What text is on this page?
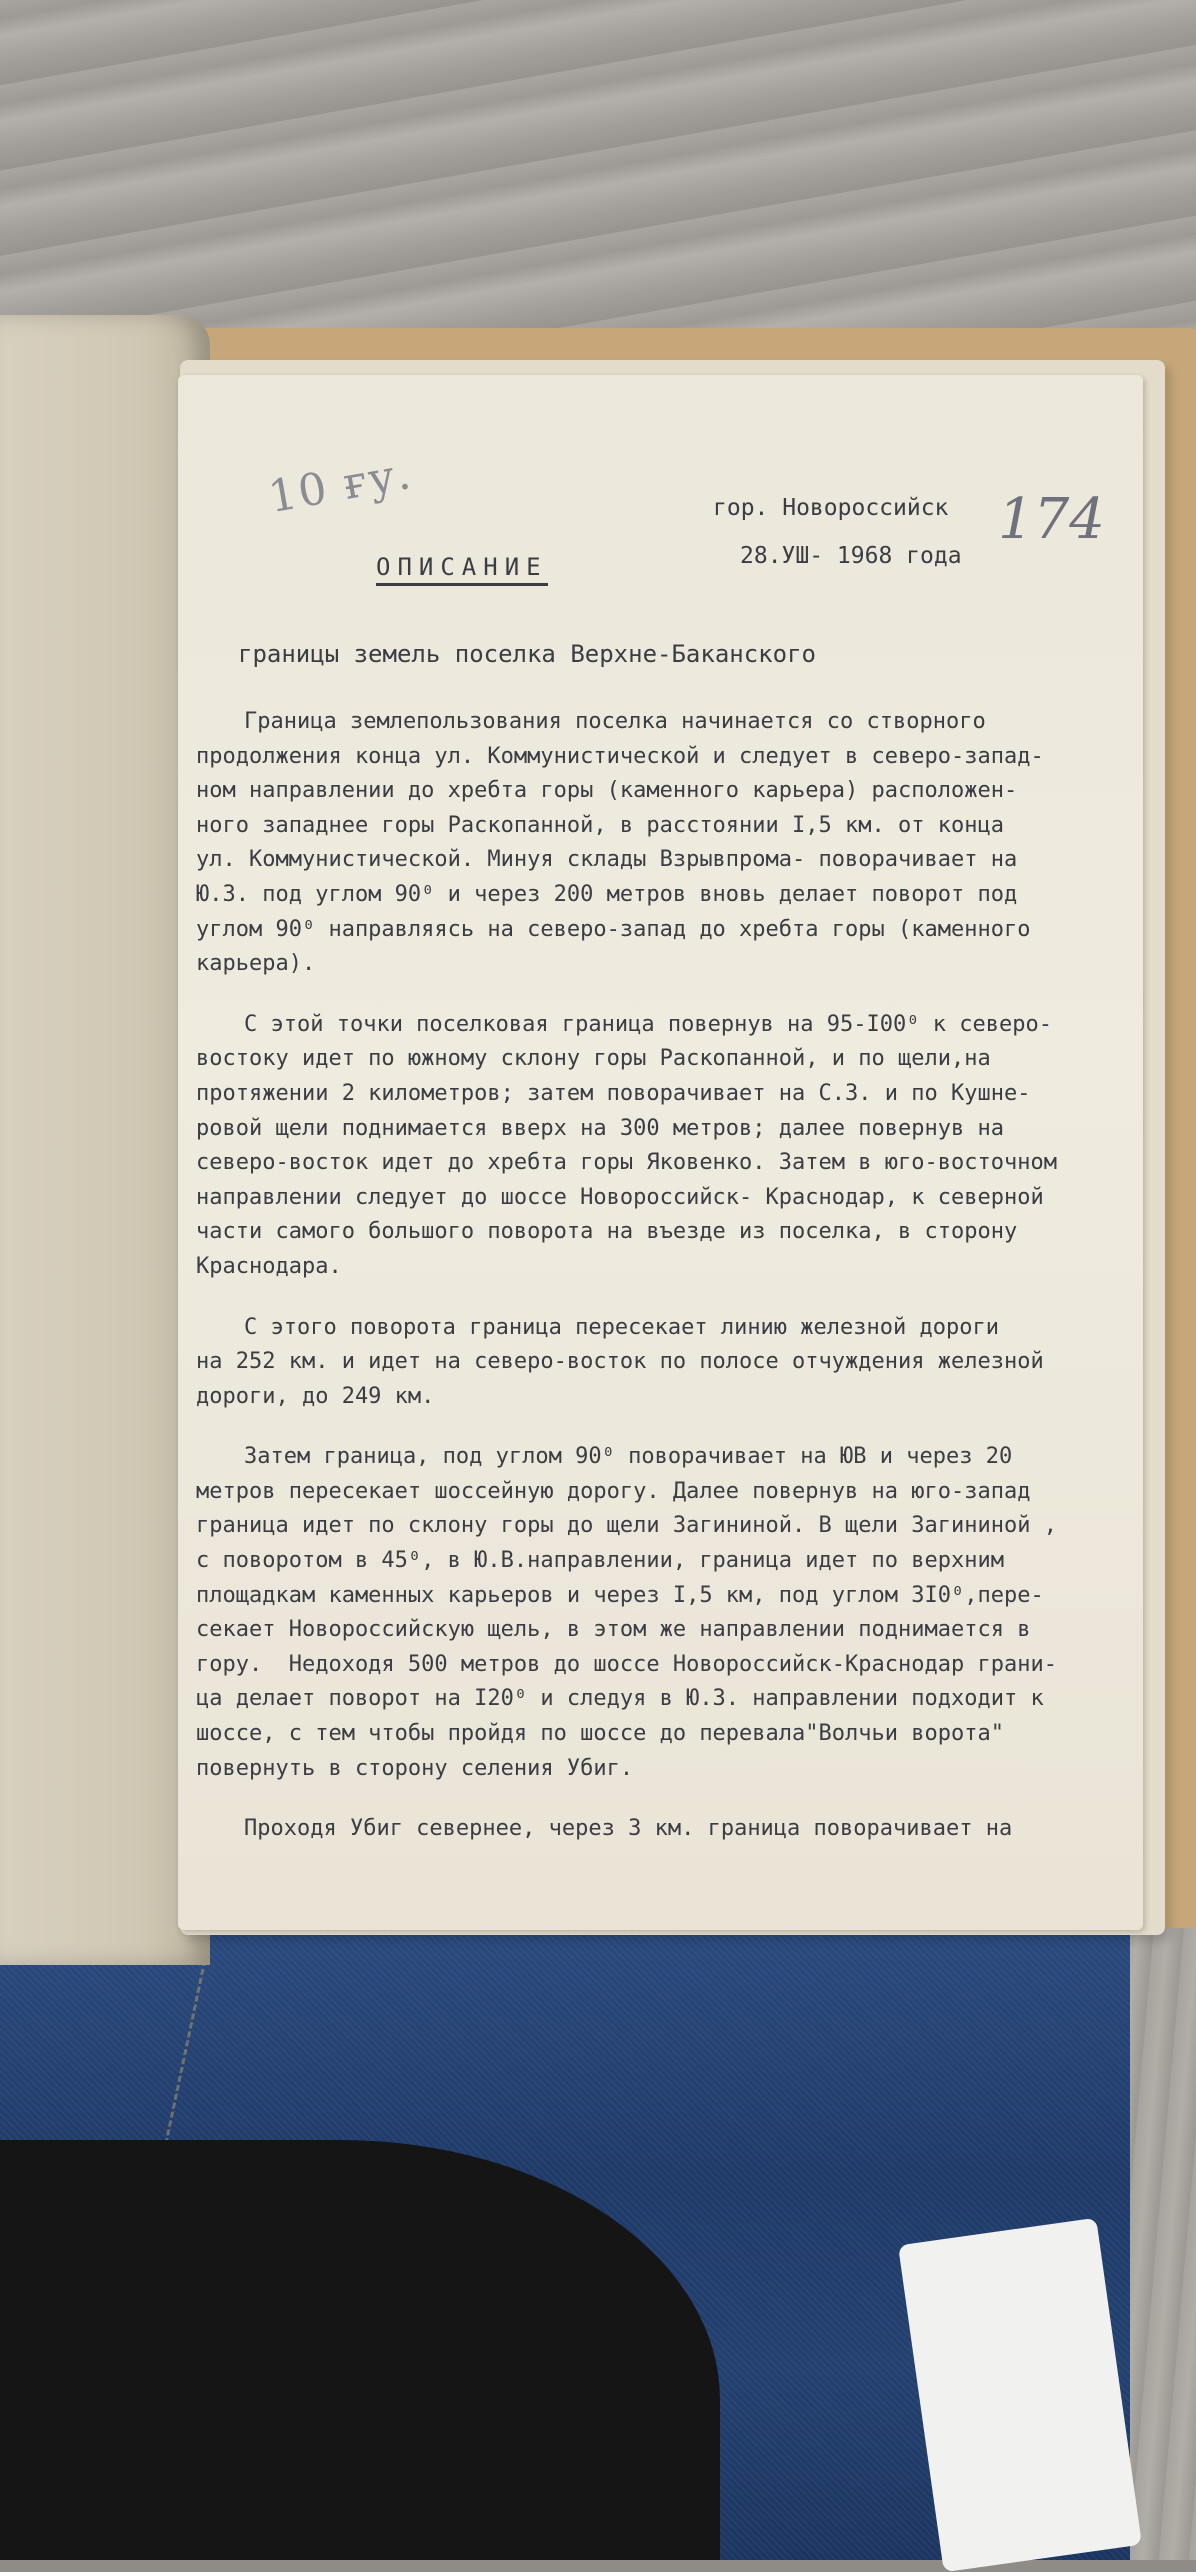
10 ғу.	гор. Новороссийск
28.УШ- 1968 года
174
ОПИСАНИЕ
границы земель поселка Верхне-Баканского
Граница землепользования поселка начинается со створного
продолжения конца ул. Коммунистической и следует в северо-запад-
ном направлении до хребта горы (каменного карьера) расположен-
ного западнее горы Раскопанной, в расстоянии I,5 км. от конца
ул. Коммунистической. Минуя склады Взрывпрома- поворачивает на
Ю.З. под углом 90⁰ и через 200 метров вновь делает поворот под
углом 90⁰ направляясь на северо-запад до хребта горы (каменного
карьера).
С этой точки поселковая граница повернув на 95-I00⁰ к северо-
востоку идет по южному склону горы Раскопанной, и по щели,на
протяжении 2 километров; затем поворачивает на С.З. и по Кушне-
ровой щели поднимается вверх на 300 метров; далее повернув на
северо-восток идет до хребта горы Яковенко. Затем в юго-восточном
направлении следует до шоссе Новороссийск- Краснодар, к северной
части самого большого поворота на въезде из поселка, в сторону
Краснодара.
С этого поворота граница пересекает линию железной дороги
на 252 км. и идет на северо-восток по полосе отчуждения железной
дороги, до 249 км.
Затем граница, под углом 90⁰ поворачивает на ЮВ и через 20
метров пересекает шоссейную дорогу. Далее повернув на юго-запад
граница идет по склону горы до щели Загининой. В щели Загининой ,
с поворотом в 45⁰, в Ю.В.направлении, граница идет по верхним
площадкам каменных карьеров и через I,5 км, под углом 3I0⁰,пере-
секает Новороссийскую щель, в этом же направлении поднимается в
гору.  Недоходя 500 метров до шоссе Новороссийск-Краснодар грани-
ца делает поворот на I20⁰ и следуя в Ю.З. направлении подходит к
шоссе, с тем чтобы пройдя по шоссе до перевала"Волчьи ворота"
повернуть в сторону селения Убиг.
Проходя Убиг севернее, через 3 км. граница поворачивает на
